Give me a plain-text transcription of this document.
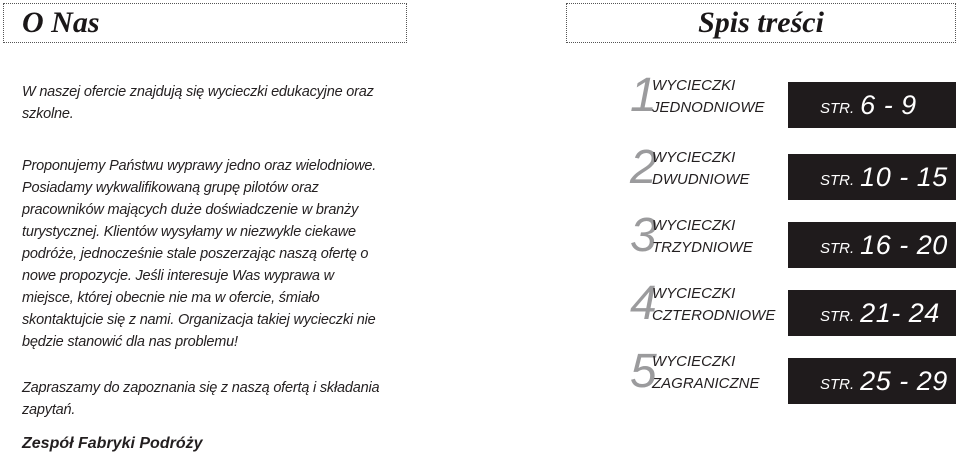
O Nas	Spis treści

W naszej ofercie znajdują się wycieczki edukacyjne oraz szkolne.

Proponujemy Państwu wyprawy jedno oraz wielodniowe. Posiadamy wykwalifikowaną grupę pilotów oraz pracowników mających duże doświadczenie w branży turystycznej. Klientów wysyłamy w niezwykle ciekawe podróże, jednocześnie stale poszerzając naszą ofertę o nowe propozycje. Jeśli interesuje Was wyprawa w miejsce, której obecnie nie ma w ofercie, śmiało skontaktujcie się z nami. Organizacja takiej wycieczki nie będzie stanowić dla nas problemu!

Zapraszamy do zapoznania się z naszą ofertą i składania zapytań.

Zespół Fabryki Podróży
1
WYCIECZKI
JEDNODNIOWE	STR. 6 - 9
2
WYCIECZKI
DWUDNIOWE	STR. 10 - 15
3
WYCIECZKI
TRZYDNIOWE	STR. 16 - 20
4
WYCIECZKI
CZTERODNIOWE	STR. 21- 24
5
WYCIECZKI
ZAGRANICZNE	STR. 25 - 29
